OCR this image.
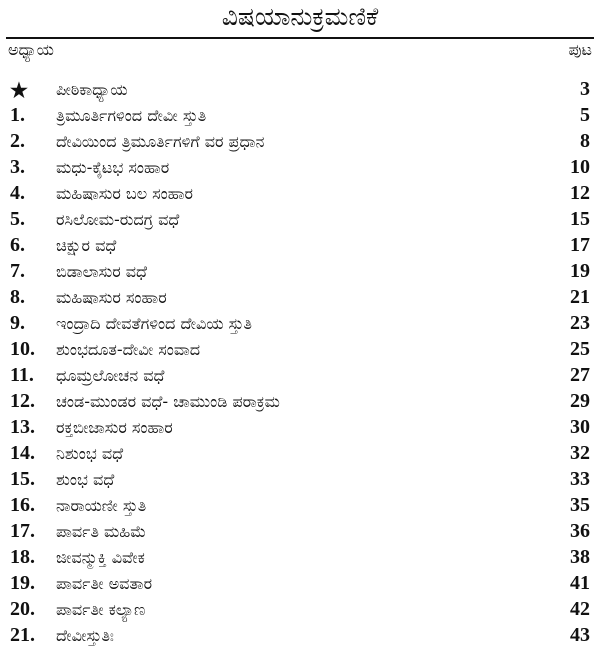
ವಿಷಯಾನುಕ್ರಮಣಿಕೆ
ಅಧ್ಯಾಯ	ಪುಟ
★ ಪೀಠಿಕಾಧ್ಯಾಯ	3
1. ತ್ರಿಮೂರ್ತಿಗಳಿಂದ ದೇವೀ ಸ್ತುತಿ	5
2. ದೇವಿಯಿಂದ ತ್ರಿಮೂರ್ತಿಗಳಿಗೆ ವರ ಪ್ರಧಾನ	8
3. ಮಧು-ಕೈಟಭ ಸಂಹಾರ	10
4. ಮಹಿಷಾಸುರ ಬಲ ಸಂಹಾರ	12
5. ರಸಿಲೋಮ-ರುದಗ್ರ ವಧೆ	15
6. ಚಿಕ್ಷುರ ವಧೆ	17
7. ಬಿಡಾಲಾಸುರ ವಧೆ	19
8. ಮಹಿಷಾಸುರ ಸಂಹಾರ	21
9. ಇಂದ್ರಾದಿ ದೇವತೆಗಳಿಂದ ದೇವಿಯ ಸ್ತುತಿ	23
10. ಶುಂಭದೂತ-ದೇವೀ ಸಂವಾದ	25
11. ಧೂಮ್ರಲೋಚನ ವಧೆ	27
12. ಚಂಡ-ಮುಂಡರ ವಧೆ- ಚಾಮುಂಡಿ ಪರಾಕ್ರಮ	29
13. ರಕ್ತಬೀಜಾಸುರ ಸಂಹಾರ	30
14. ನಿಶುಂಭ ವಧೆ	32
15. ಶುಂಭ ವಧೆ	33
16. ನಾರಾಯಣೀ ಸ್ತುತಿ	35
17. ಪಾರ್ವತಿ ಮಹಿಮೆ	36
18. ಜೀವನ್ಮುಕ್ತಿ ವಿವೇಕ	38
19. ಪಾರ್ವತೀ ಅವತಾರ	41
20. ಪಾರ್ವತೀ ಕಲ್ಯಾಣ	42
21. ದೇವೀಸ್ತುತಿಃ	43
